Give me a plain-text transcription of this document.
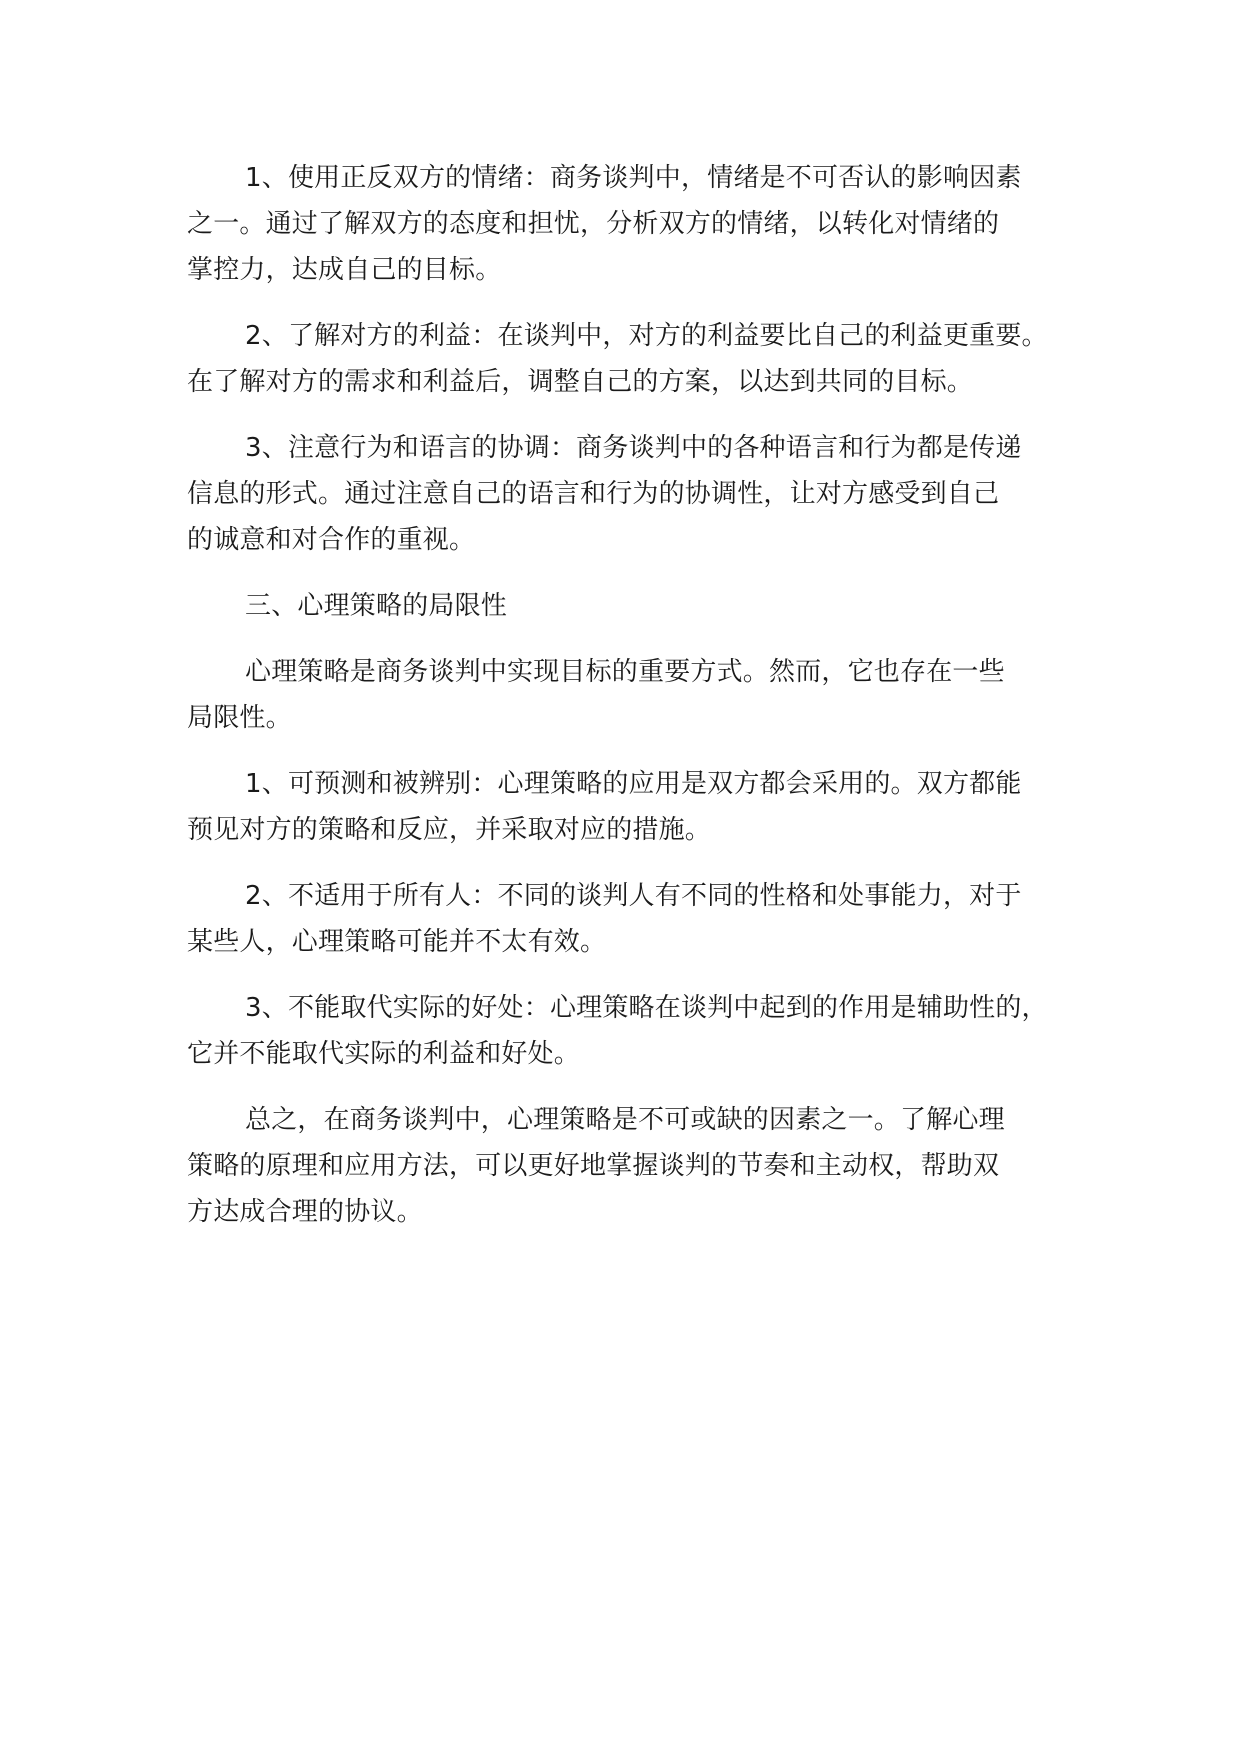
1、使用正反双方的情绪：商务谈判中，情绪是不可否认的影响因素
之一。通过了解双方的态度和担忧，分析双方的情绪，以转化对情绪的
掌控力，达成自己的目标。

2、了解对方的利益：在谈判中，对方的利益要比自己的利益更重要。
在了解对方的需求和利益后，调整自己的方案，以达到共同的目标。

3、注意行为和语言的协调：商务谈判中的各种语言和行为都是传递
信息的形式。通过注意自己的语言和行为的协调性，让对方感受到自己
的诚意和对合作的重视。

三、心理策略的局限性

心理策略是商务谈判中实现目标的重要方式。然而，它也存在一些
局限性。

1、可预测和被辨别：心理策略的应用是双方都会采用的。双方都能
预见对方的策略和反应，并采取对应的措施。

2、不适用于所有人：不同的谈判人有不同的性格和处事能力，对于
某些人，心理策略可能并不太有效。

3、不能取代实际的好处：心理策略在谈判中起到的作用是辅助性的，
它并不能取代实际的利益和好处。

总之，在商务谈判中，心理策略是不可或缺的因素之一。了解心理
策略的原理和应用方法，可以更好地掌握谈判的节奏和主动权，帮助双
方达成合理的协议。
